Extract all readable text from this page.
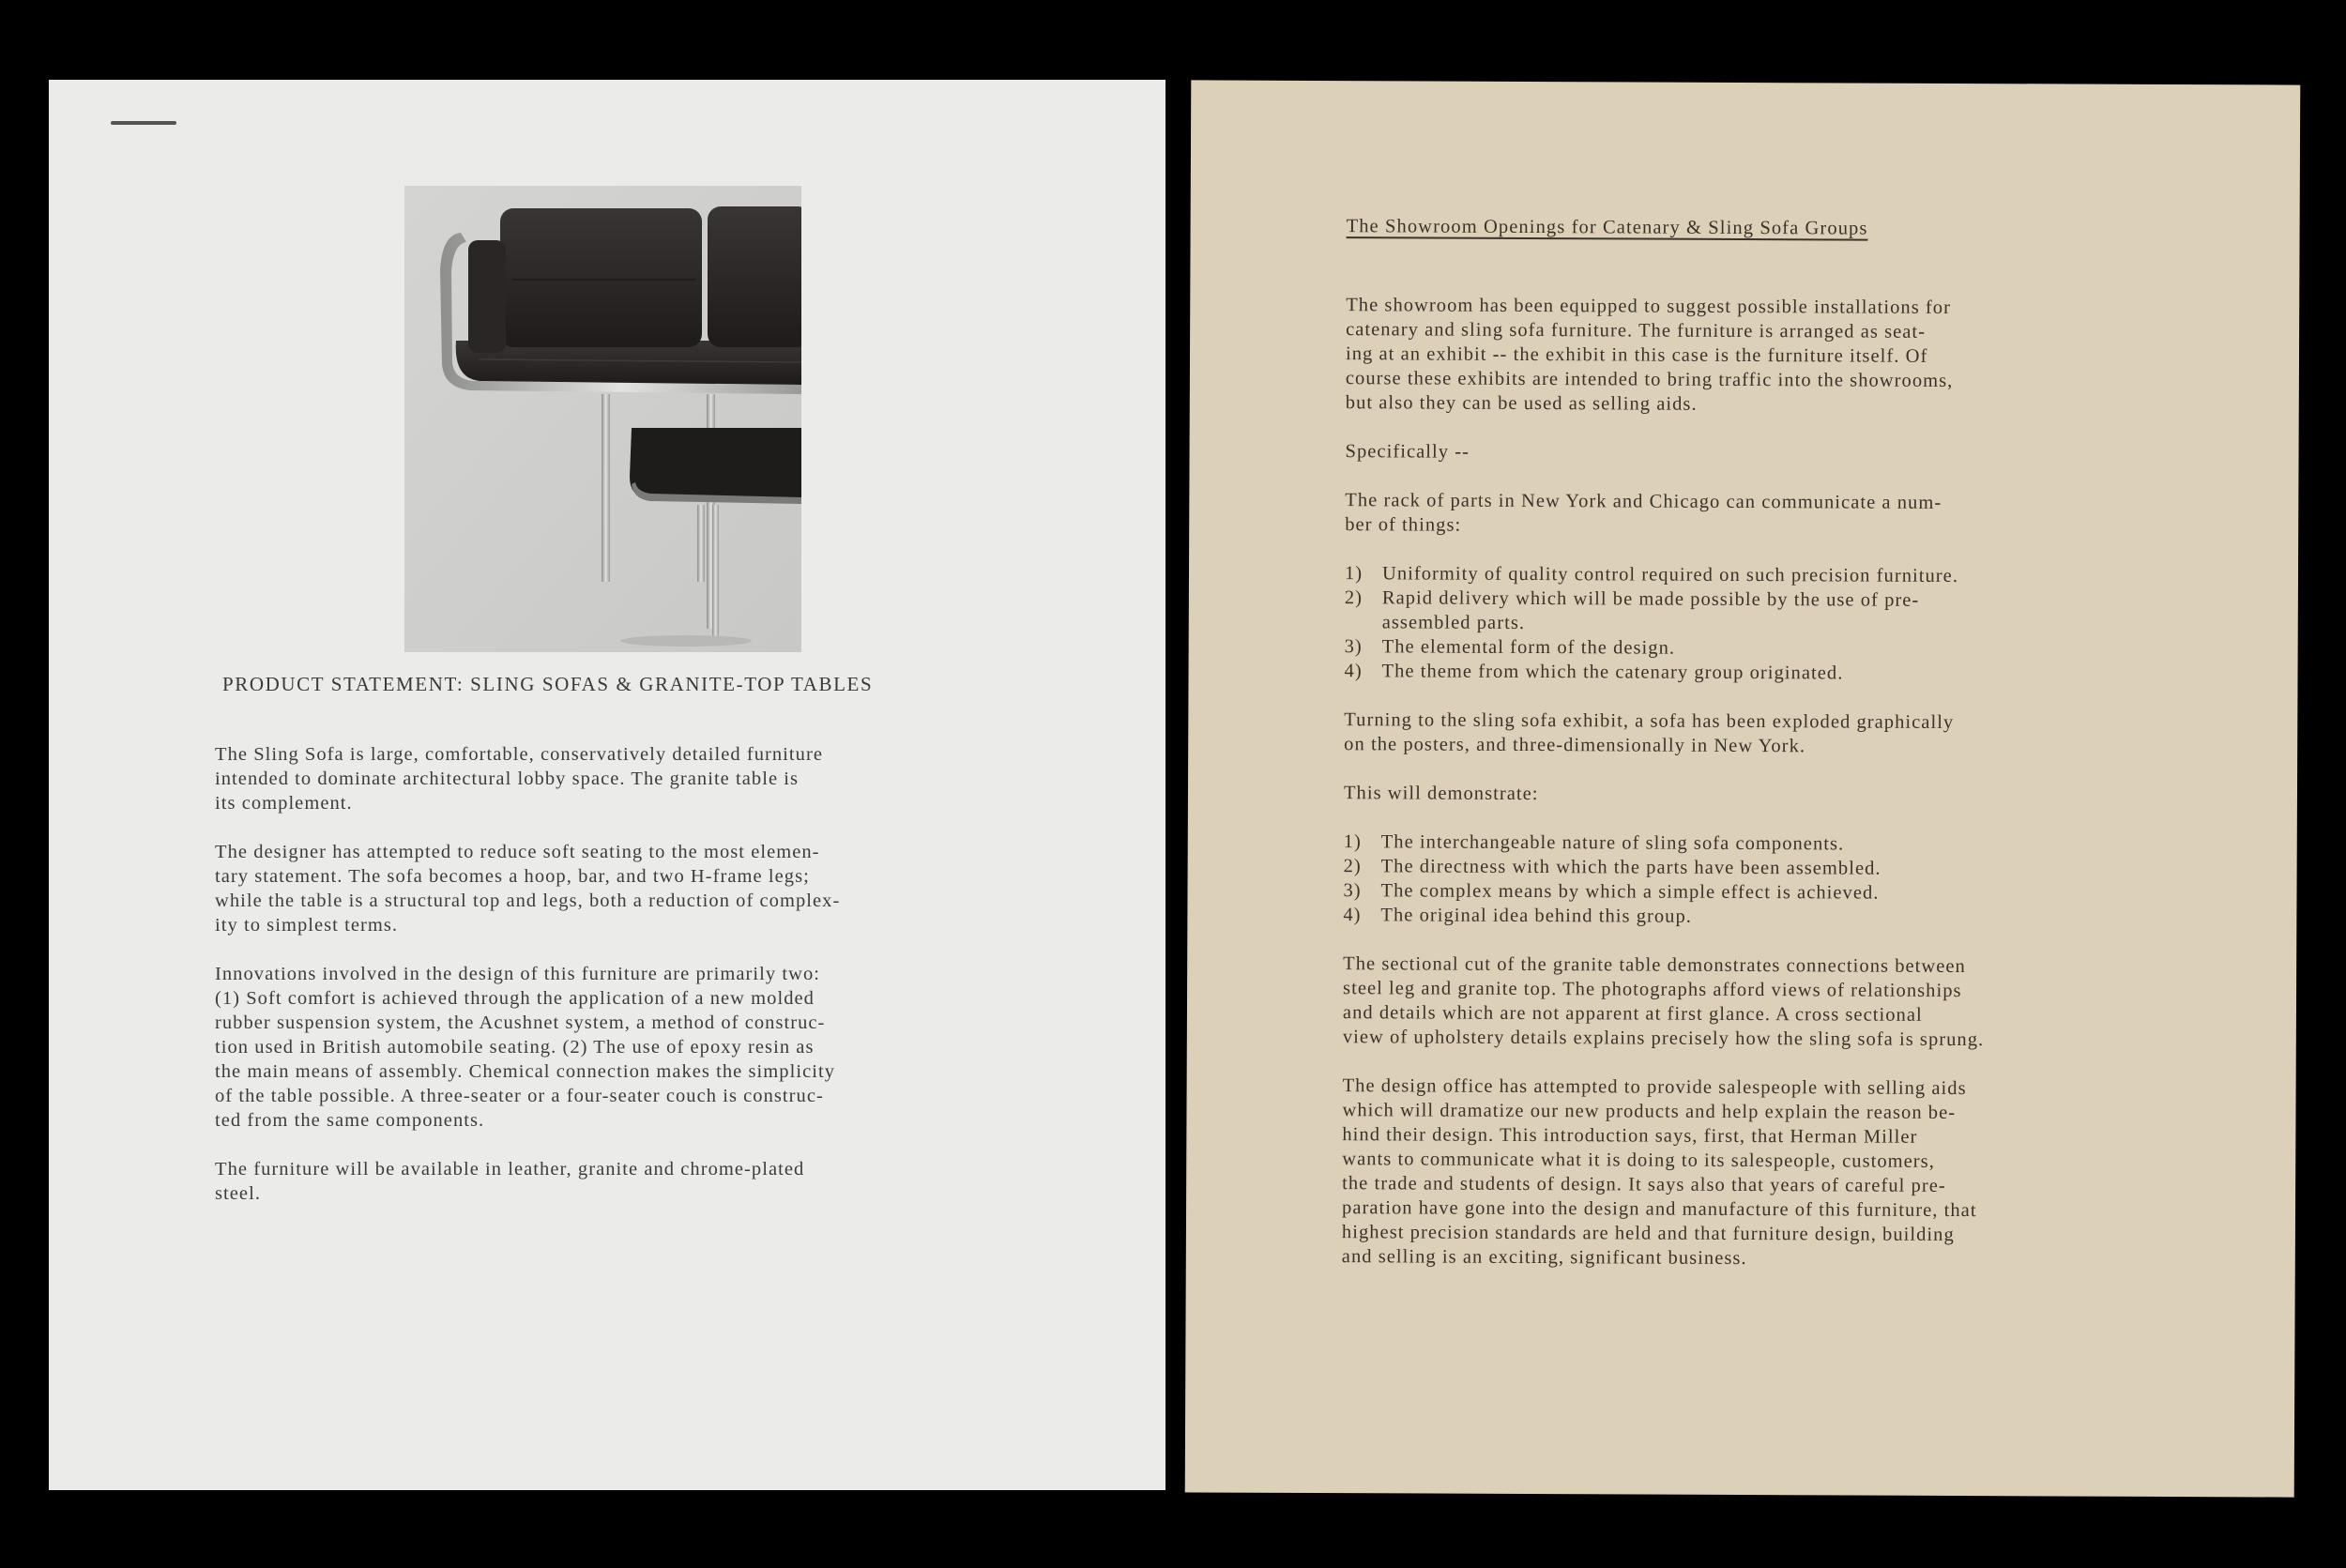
PRODUCT STATEMENT: SLING SOFAS & GRANITE-TOP TABLES

The Sling Sofa is large, comfortable, conservatively detailed furniture
intended to dominate architectural lobby space. The granite table is
its complement.

The designer has attempted to reduce soft seating to the most elemen-
tary statement. The sofa becomes a hoop, bar, and two H-frame legs;
while the table is a structural top and legs, both a reduction of complex-
ity to simplest terms.

Innovations involved in the design of this furniture are primarily two:
(1) Soft comfort is achieved through the application of a new molded
rubber suspension system, the Acushnet system, a method of construc-
tion used in British automobile seating. (2) The use of epoxy resin as
the main means of assembly. Chemical connection makes the simplicity
of the table possible. A three-seater or a four-seater couch is construc-
ted from the same components.

The furniture will be available in leather, granite and chrome-plated
steel.

The Showroom Openings for Catenary & Sling Sofa Groups

The showroom has been equipped to suggest possible installations for
catenary and sling sofa furniture. The furniture is arranged as seat-
ing at an exhibit -- the exhibit in this case is the furniture itself. Of
course these exhibits are intended to bring traffic into the showrooms,
but also they can be used as selling aids.

Specifically --

The rack of parts in New York and Chicago can communicate a num-
ber of things:

1)	Uniformity of quality control required on such precision furniture.
2)	Rapid delivery which will be made possible by the use of pre-
assembled parts.
3)	The elemental form of the design.
4)	The theme from which the catenary group originated.

Turning to the sling sofa exhibit, a sofa has been exploded graphically
on the posters, and three-dimensionally in New York.

This will demonstrate:

1)	The interchangeable nature of sling sofa components.
2)	The directness with which the parts have been assembled.
3)	The complex means by which a simple effect is achieved.
4)	The original idea behind this group.

The sectional cut of the granite table demonstrates connections between
steel leg and granite top. The photographs afford views of relationships
and details which are not apparent at first glance. A cross sectional
view of upholstery details explains precisely how the sling sofa is sprung.

The design office has attempted to provide salespeople with selling aids
which will dramatize our new products and help explain the reason be-
hind their design. This introduction says, first, that Herman Miller
wants to communicate what it is doing to its salespeople, customers,
the trade and students of design. It says also that years of careful pre-
paration have gone into the design and manufacture of this furniture, that
highest precision standards are held and that furniture design, building
and selling is an exciting, significant business.
